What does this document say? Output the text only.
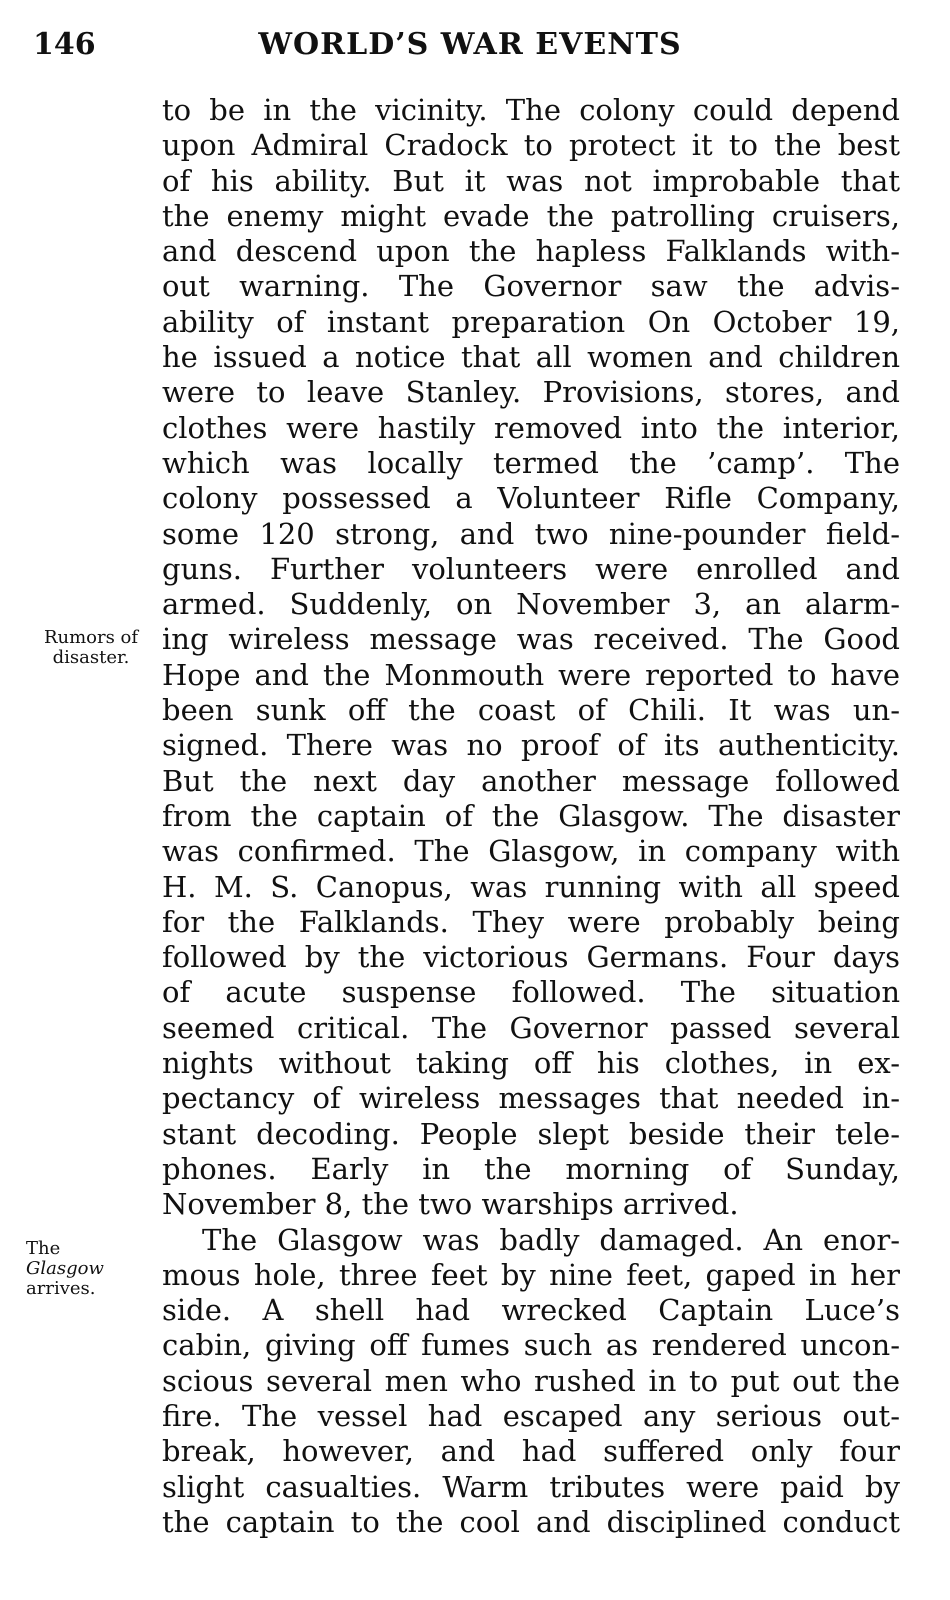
146	WORLD’S WAR EVENTS
Rumors of
disaster.
The
Glasgow
arrives.
to be in the vicinity. The colony could depend
upon Admiral Cradock to protect it to the best
of his ability. But it was not improbable that
the enemy might evade the patrolling cruisers,
and descend upon the hapless Falklands with-
out warning. The Governor saw the advis-
ability of instant preparation On October 19,
he issued a notice that all women and children
were to leave Stanley. Provisions, stores, and
clothes were hastily removed into the interior,
which was locally termed the ’camp’. The
colony possessed a Volunteer Rifle Company,
some 120 strong, and two nine-pounder field-
guns. Further volunteers were enrolled and
armed. Suddenly, on November 3, an alarm-
ing wireless message was received. The Good
Hope and the Monmouth were reported to have
been sunk off the coast of Chili. It was un-
signed. There was no proof of its authenticity.
But the next day another message followed
from the captain of the Glasgow. The disaster
was confirmed. The Glasgow, in company with
H. M. S. Canopus, was running with all speed
for the Falklands. They were probably being
followed by the victorious Germans. Four days
of acute suspense followed. The situation
seemed critical. The Governor passed several
nights without taking off his clothes, in ex-
pectancy of wireless messages that needed in-
stant decoding. People slept beside their tele-
phones. Early in the morning of Sunday,
November 8, the two warships arrived.
The Glasgow was badly damaged. An enor-
mous hole, three feet by nine feet, gaped in her
side. A shell had wrecked Captain Luce’s
cabin, giving off fumes such as rendered uncon-
scious several men who rushed in to put out the
fire. The vessel had escaped any serious out-
break, however, and had suffered only four
slight casualties. Warm tributes were paid by
the captain to the cool and disciplined conduct
